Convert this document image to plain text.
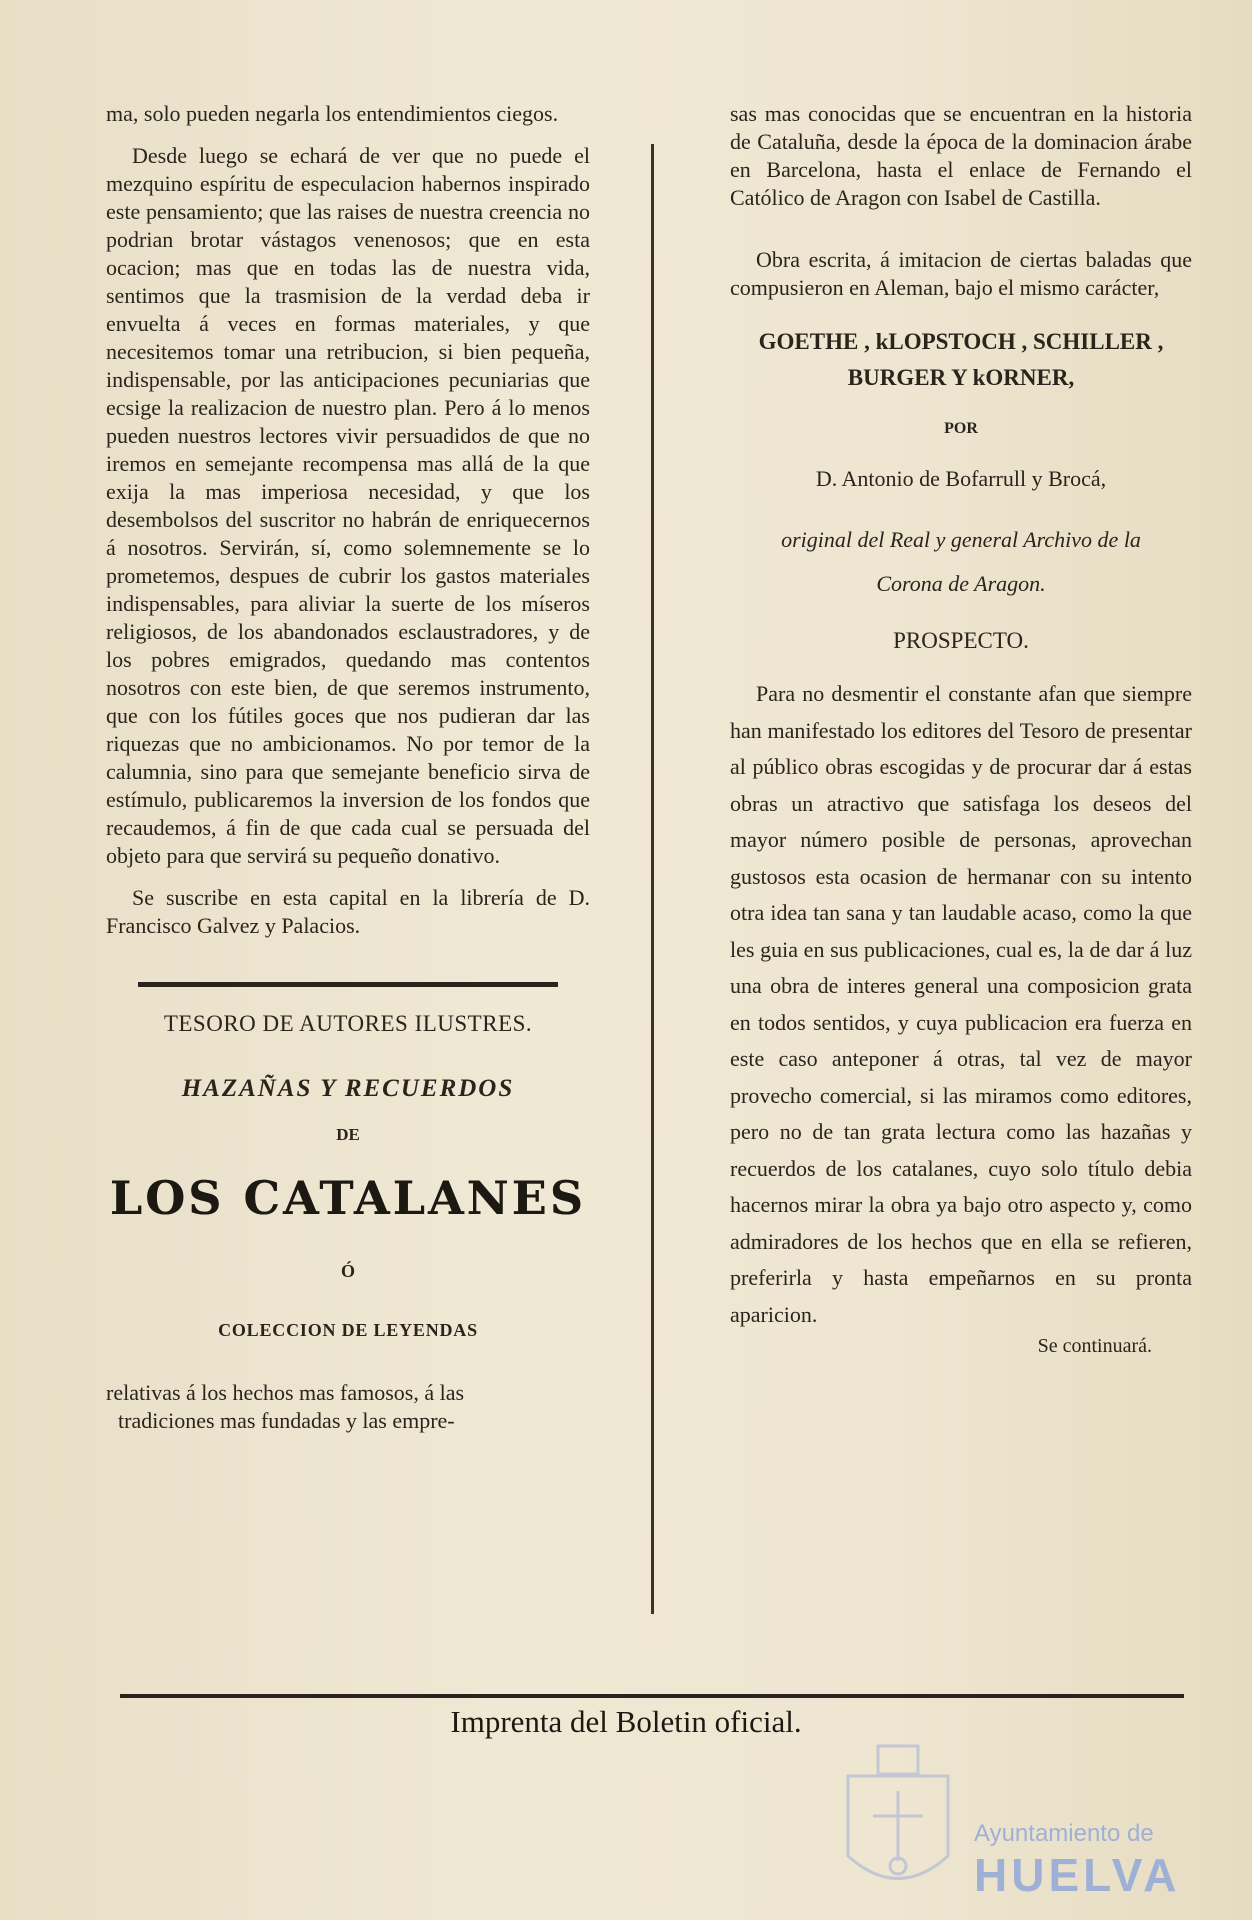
ma, solo pueden negarla los entendimientos ciegos.

Desde luego se echará de ver que no puede el mezquino espíritu de especulacion habernos inspirado este pensamiento; que las raises de nuestra creencia no podrian brotar vástagos venenosos; que en esta ocacion; mas que en todas las de nuestra vida, sentimos que la trasmision de la verdad deba ir envuelta á veces en formas materiales, y que necesitemos tomar una retribucion, si bien pequeña, indispensable, por las anticipaciones pecuniarias que ecsige la realizacion de nuestro plan. Pero á lo menos pueden nuestros lectores vivir persuadidos de que no iremos en semejante recompensa mas allá de la que exija la mas imperiosa necesidad, y que los desembolsos del suscritor no habrán de enriquecernos á nosotros. Servirán, sí, como solemnemente se lo prometemos, despues de cubrir los gastos materiales indispensables, para aliviar la suerte de los míseros religiosos, de los abandonados esclaustradores, y de los pobres emigrados, quedando mas contentos nosotros con este bien, de que seremos instrumento, que con los fútiles goces que nos pudieran dar las riquezas que no ambicionamos. No por temor de la calumnia, sino para que semejante beneficio sirva de estímulo, publicaremos la inversion de los fondos que recaudemos, á fin de que cada cual se persuada del objeto para que servirá su pequeño donativo.

Se suscribe en esta capital en la librería de D. Francisco Galvez y Palacios.

TESORO DE AUTORES ILUSTRES.
HAZAÑAS Y RECUERDOS
DE
LOS CATALANES
Ó
COLECCION DE LEYENDAS
relativas á los hechos mas famosos, á las
tradiciones mas fundadas y las empre-

sas mas conocidas que se encuentran en la historia de Cataluña, desde la época de la dominacion árabe en Barcelona, hasta el enlace de Fernando el Católico de Aragon con Isabel de Castilla.

Obra escrita, á imitacion de ciertas baladas que compusieron en Aleman, bajo el mismo carácter,

GOETHE , kLOPSTOCH , SCHILLER ,
BURGER Y kORNER,
POR
D. Antonio de Bofarrull y Brocá,
original del Real y general Archivo de la
Corona de Aragon.
PROSPECTO.

Para no desmentir el constante afan que siempre han manifestado los editores del Tesoro de presentar al público obras escogidas y de procurar dar á estas obras un atractivo que satisfaga los deseos del mayor número posible de personas, aprovechan gustosos esta ocasion de hermanar con su intento otra idea tan sana y tan laudable acaso, como la que les guia en sus publicaciones, cual es, la de dar á luz una obra de interes general una composicion grata en todos sentidos, y cuya publicacion era fuerza en este caso anteponer á otras, tal vez de mayor provecho comercial, si las miramos como editores, pero no de tan grata lectura como las hazañas y recuerdos de los catalanes, cuyo solo título debia hacernos mirar la obra ya bajo otro aspecto y, como admiradores de los hechos que en ella se refieren, preferirla y hasta empeñarnos en su pronta aparicion.

Se continuará.
Imprenta del Boletin oficial.
Ayuntamiento de
HUELVA
